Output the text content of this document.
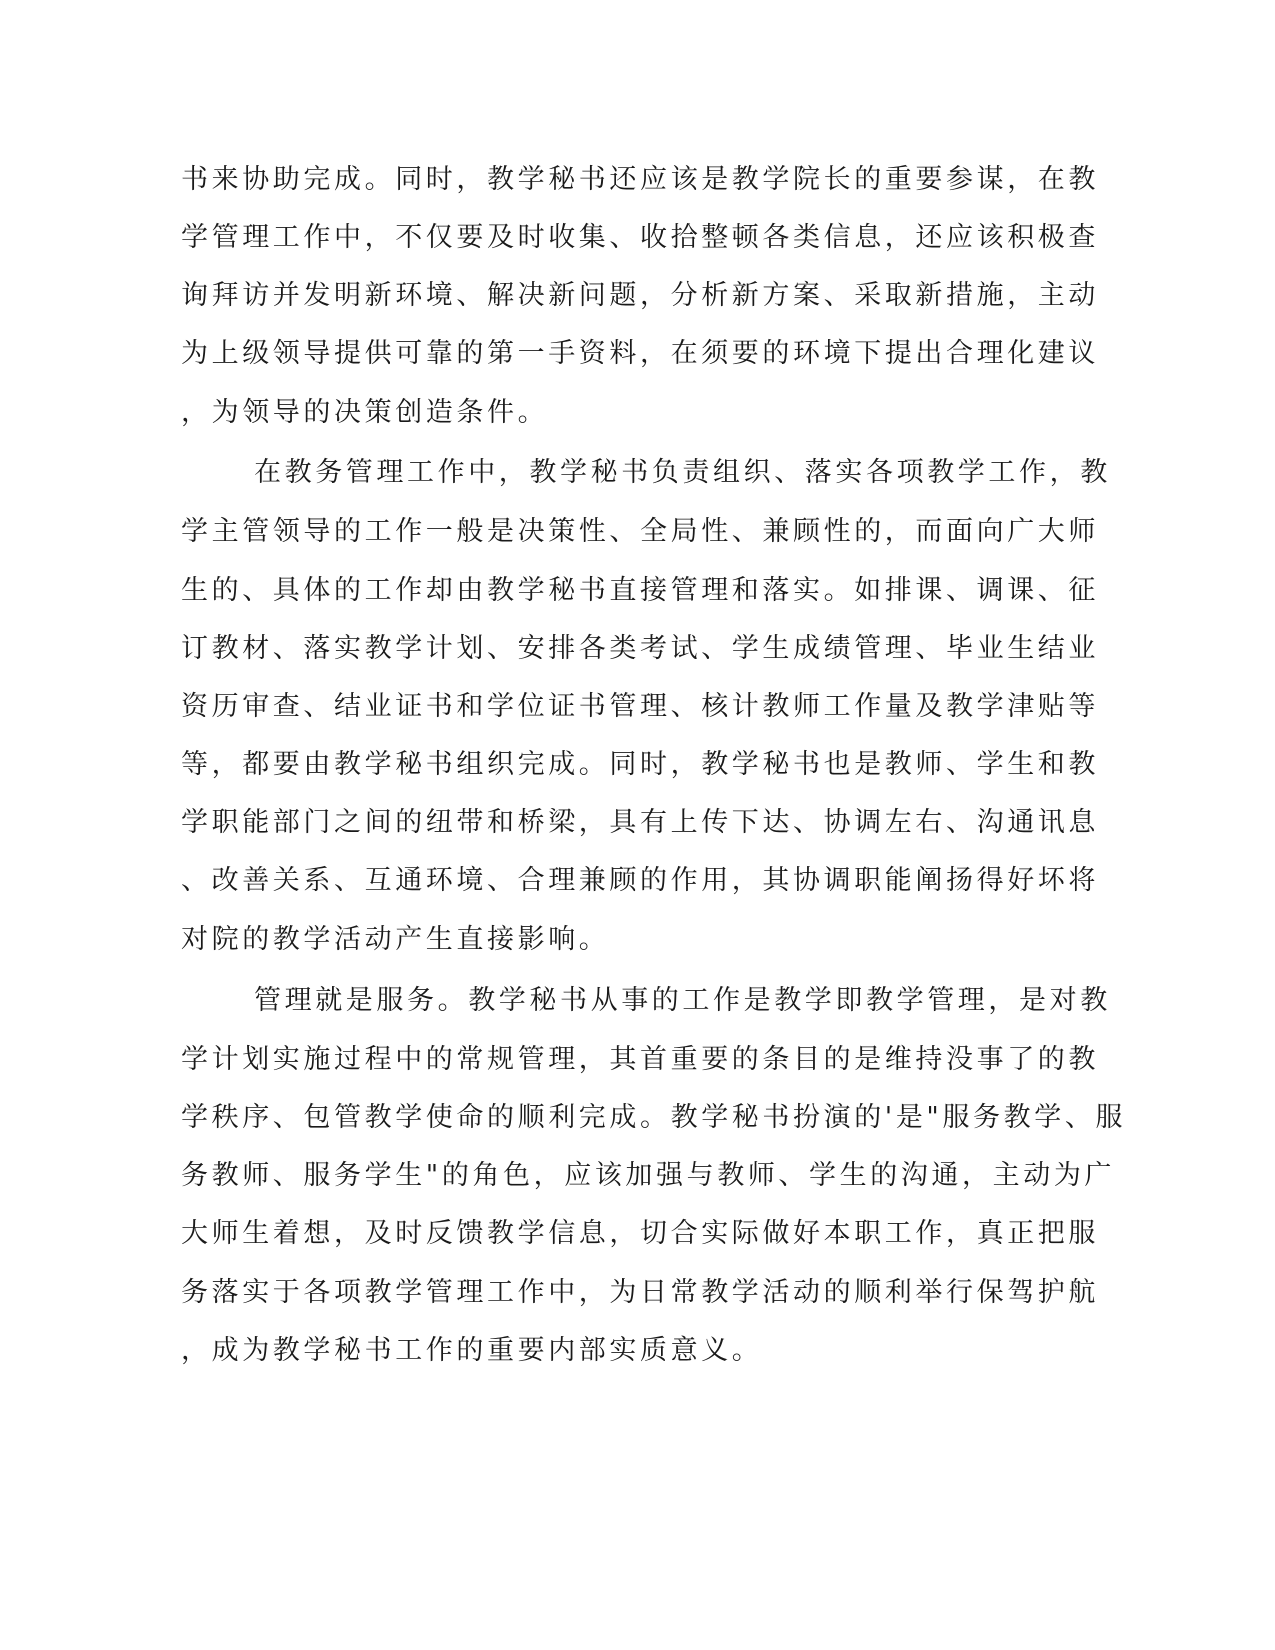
书来协助完成。同时，教学秘书还应该是教学院长的重要参谋，在教
学管理工作中，不仅要及时收集、收拾整顿各类信息，还应该积极查
询拜访并发明新环境、解决新问题，分析新方案、采取新措施，主动
为上级领导提供可靠的第一手资料，在须要的环境下提出合理化建议
，为领导的决策创造条件。
在教务管理工作中，教学秘书负责组织、落实各项教学工作，教
学主管领导的工作一般是决策性、全局性、兼顾性的，而面向广大师
生的、具体的工作却由教学秘书直接管理和落实。如排课、调课、征
订教材、落实教学计划、安排各类考试、学生成绩管理、毕业生结业
资历审查、结业证书和学位证书管理、核计教师工作量及教学津贴等
等，都要由教学秘书组织完成。同时，教学秘书也是教师、学生和教
学职能部门之间的纽带和桥梁，具有上传下达、协调左右、沟通讯息
、改善关系、互通环境、合理兼顾的作用，其协调职能阐扬得好坏将
对院的教学活动产生直接影响。
管理就是服务。教学秘书从事的工作是教学即教学管理，是对教
学计划实施过程中的常规管理，其首重要的条目的是维持没事了的教
学秩序、包管教学使命的顺利完成。教学秘书扮演的'是"服务教学、服
务教师、服务学生"的角色，应该加强与教师、学生的沟通，主动为广
大师生着想，及时反馈教学信息，切合实际做好本职工作，真正把服
务落实于各项教学管理工作中，为日常教学活动的顺利举行保驾护航
，成为教学秘书工作的重要内部实质意义。
